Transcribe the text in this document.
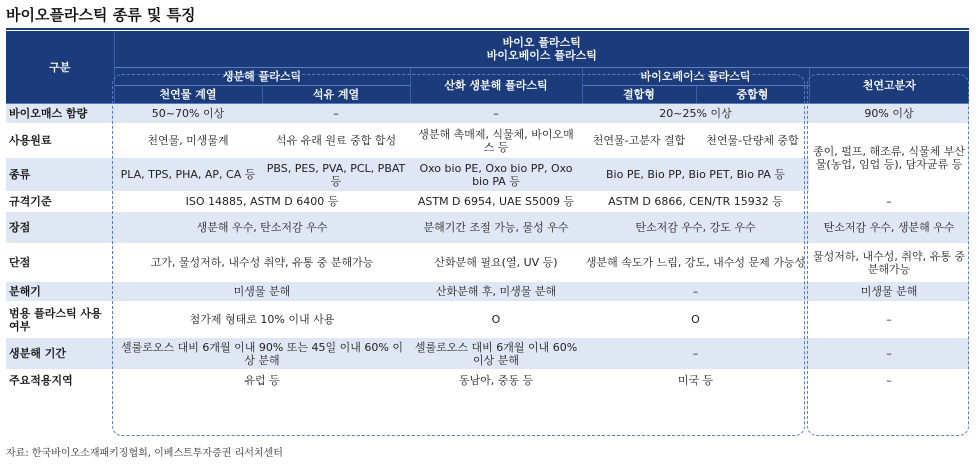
바이오플라스틱 종류 및 특징
구분	바이오 플라스틱
바이오베이스 플라스틱					

	생분해 플라스틱		산화 생분해 플라스틱	바이오베이스 플라스틱		천연고분자
	천연물 계열	석유 계열		결합형	중합형	

바이오매스 함량	50~70% 이상	–	–	20~25% 이상		90% 이상
사용원료	천연물, 미생물계	석유 유래 원료 중합 합성	생분해 촉매제, 식물체, 바이오매스 등	천연물-고분자 결합	천연물-단량체 중합	종이, 펄프, 해조류, 식물체 부산물(농업, 임업 등), 담자균류 등
종류	PLA, TPS, PHA, AP, CA 등	PBS, PES, PVA, PCL, PBAT 등	Oxo bio PE, Oxo bio PP, Oxo bio PA 등	Bio PE, Bio PP, Bio PET, Bio PA 등		
규격기준	ISO 14885, ASTM D 6400 등		ASTM D 6954, UAE S5009 등	ASTM D 6866, CEN/TR 15932 등		–
장점	생분해 우수, 탄소저감 우수		분해기간 조절 가능, 물성 우수	탄소저감 우수, 강도 우수		탄소저감 우수, 생분해 우수
단점	고가, 물성저하, 내수성 취약, 유통 중 분해가능		산화분해 필요(열, UV 등)	생분해 속도가 느림, 강도, 내수성 문제 가능성		물성저하, 내수성, 취약, 유통 중 분해가능
분해기	미생물 분해		산화분해 후, 미생물 분해	–		미생물 분해
범용 플라스틱 사용여부	첨가제 형태로 10% 이내 사용		O	O		–
생분해 기간	셀룰로오스 대비 6개월 이내 90% 또는 45일 이내 60% 이상 분해		셀룰로오스 대비 6개월 이내 60% 이상 분해	–		–
주요적용지역	유럽 등		동남아, 중동 등	미국 등		–
자료: 한국바이오소재패키징협회, 이베스트투자증권 리서치센터
